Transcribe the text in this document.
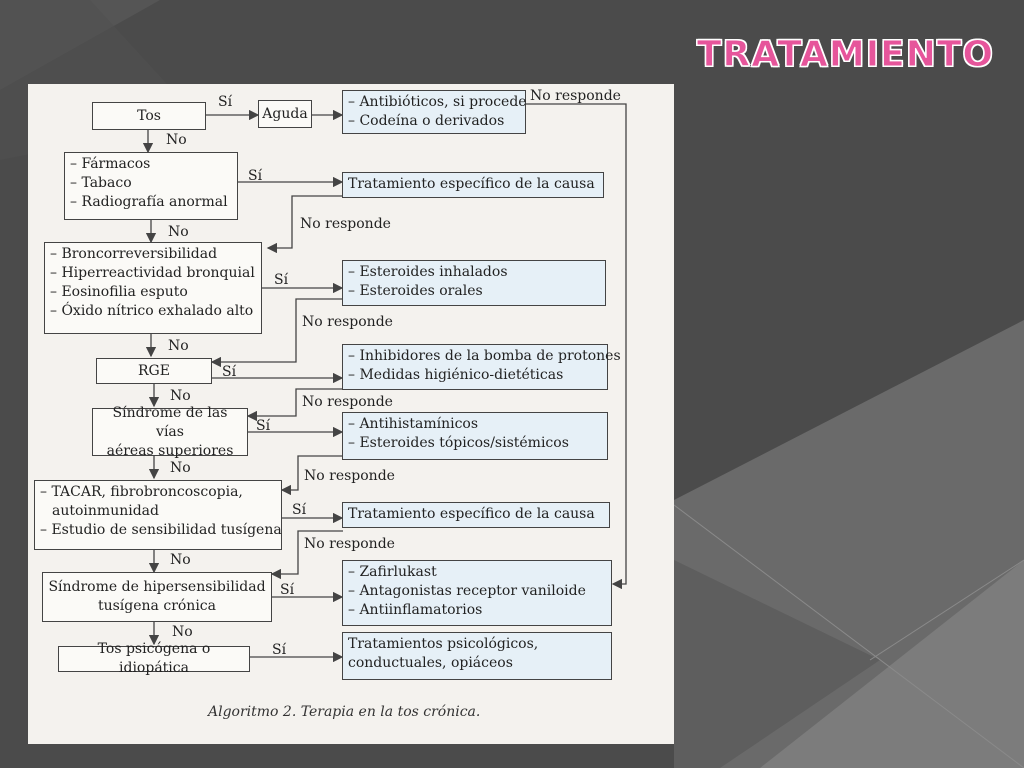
TRATAMIENTO
Tos	Aguda
– Antibióticos, si procede
– Codeína o derivados
– Fármacos
– Tabaco
– Radiografía anormal
Tratamiento específico de la causa
– Broncorreversibilidad
– Hiperreactividad bronquial
– Eosinofilia esputo
– Óxido nítrico exhalado alto
– Esteroides inhalados
– Esteroides orales
RGE
– Inhibidores de la bomba de protones
– Medidas higiénico-dietéticas
Síndrome de las vías
aéreas superiores
– Antihistamínicos
– Esteroides tópicos/sistémicos
– TACAR, fibrobroncoscopia,
autoinmunidad
– Estudio de sensibilidad tusígena
Tratamiento específico de la causa
Síndrome de hipersensibilidad
tusígena crónica
– Zafirlukast
– Antagonistas receptor vaniloide
– Antiinflamatorios
Tos psicógena o idiopática
Tratamientos psicológicos,
conductuales, opiáceos
Sí	No responde
No
Sí
No responde
No
Sí
No responde
No
Sí
No responde
No
Sí
No responde
No
Sí
No responde
No
Sí
No
Sí
Algoritmo 2. Terapia en la tos crónica.
